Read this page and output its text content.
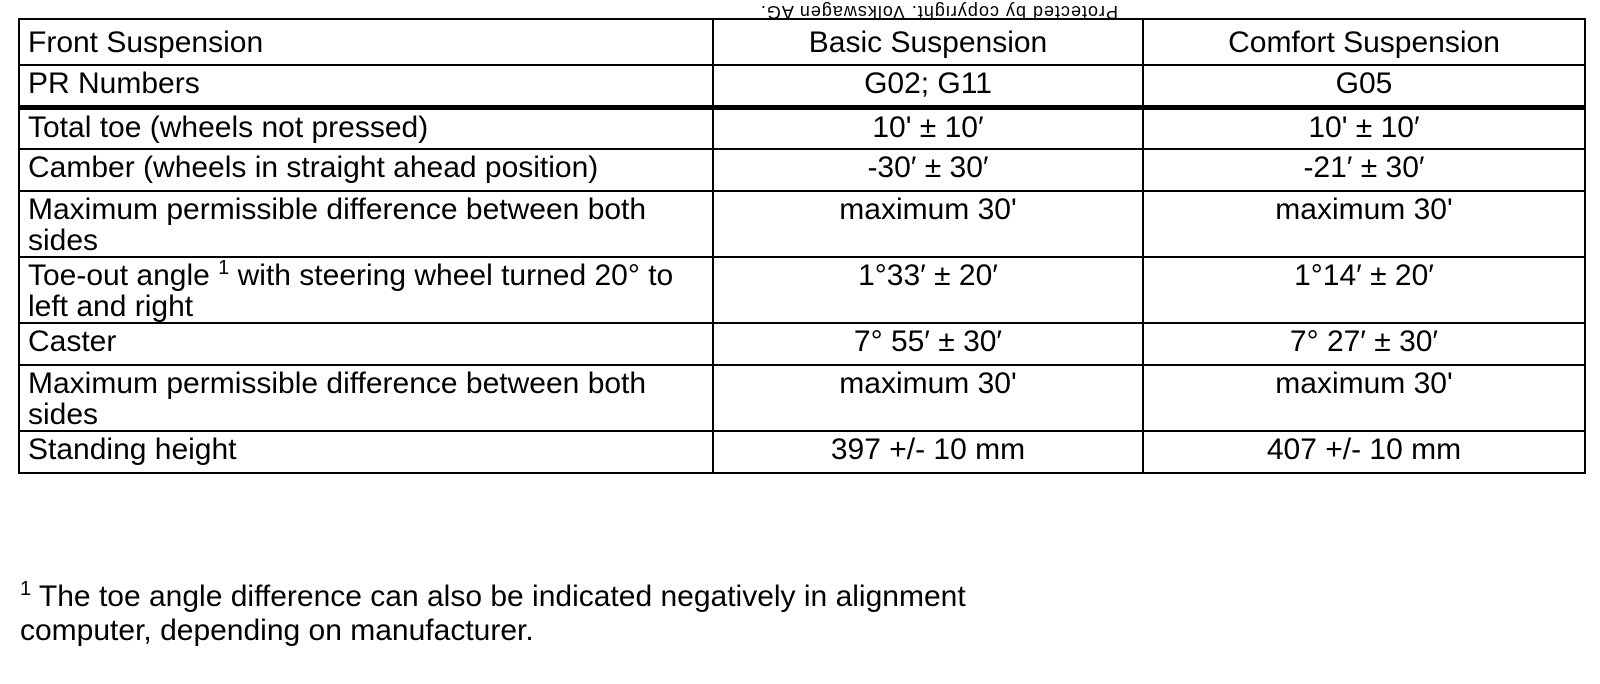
Protected by copyright. Volkswagen AG.
Front Suspension	Basic Suspension	Comfort Suspension
PR Numbers	G02; G11	G05
Total toe (wheels not pressed)	10' ± 10′	10' ± 10′
Camber (wheels in straight ahead position)	-30′ ± 30′	-21′ ± 30′
Maximum permissible difference between both sides	maximum 30'	maximum 30'
Toe-out angle $^1$ with steering wheel turned 20° to left and right	1°33′ ± 20′	1°14′ ± 20′
Caster	7° 55′ ± 30′	7° 27′ ± 30′
Maximum permissible difference between both sides	maximum 30'	maximum 30'
Standing height	397 +/- 10 mm	407 +/- 10 mm
$^1$ The toe angle difference can also be indicated negatively in alignment computer, depending on manufacturer.
